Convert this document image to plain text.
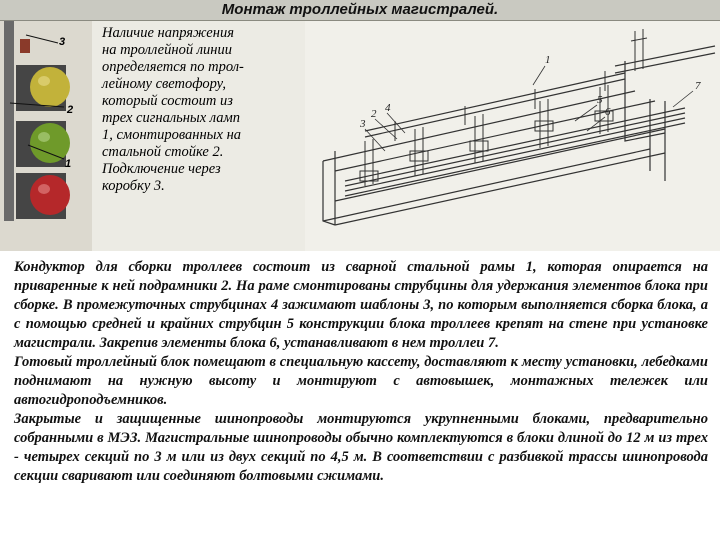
Монтаж троллейных магистралей.
3
2
1
Наличие напряжения
на троллейной линии
определяется по трол-
лейному светофору,
который состоит из
трех сигнальных ламп
1, смонтированных на
стальной стойке 2.
Подключение через
коробку 3.
3
2 4
5
6
7
1

Кондуктор для сборки троллеев состоит из сварной стальной рамы 1, которая опирается на приваренные к ней подрамники 2. На раме смонтированы струбцины для удержания элементов блока при сборке. В промежуточных струбцинах 4 зажимают шаблоны 3, по которым выполняется сборка блока, а с помощью средней и крайних струбцин 5 конструкции блока троллеев крепят на стене при установке магистрали. Закрепив элементы блока 6, устанавливают в нем троллеи 7.

Готовый троллейный блок помещают в специальную кассету, доставляют к месту установки, лебедками поднимают на нужную высоту и монтируют с автовышек, монтажных тележек или автогидроподъемников.

Закрытые и защищенные шинопроводы монтируются укрупненными блоками, предварительно собранными в МЭЗ. Магистральные шинопроводы обычно комплектуются в блоки длиной до 12 м из трех - четырех секций по 3 м или из двух секций по 4,5 м. В соответствии с разбивкой трассы шинопровода секции сваривают или соединяют болтовыми сжимами.
